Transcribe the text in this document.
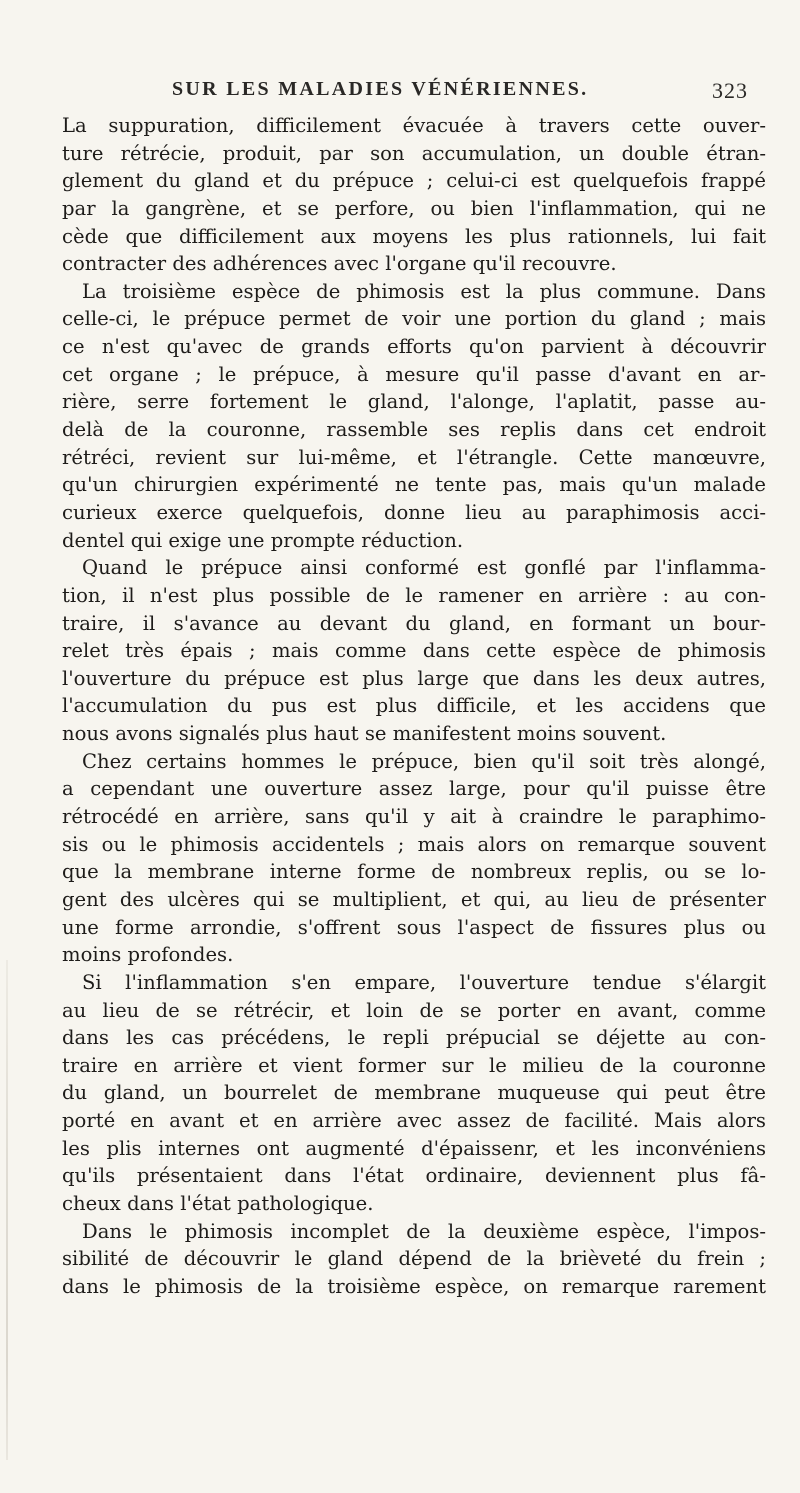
SUR LES MALADIES VÉNÉRIENNES.	323
La suppuration, difficilement évacuée à travers cette ouver-
ture rétrécie, produit, par son accumulation, un double étran-
glement du gland et du prépuce ; celui-ci est quelquefois frappé
par la gangrène, et se perfore, ou bien l'inflammation, qui ne
cède que difficilement aux moyens les plus rationnels, lui fait
contracter des adhérences avec l'organe qu'il recouvre.
La troisième espèce de phimosis est la plus commune. Dans
celle-ci, le prépuce permet de voir une portion du gland ; mais
ce n'est qu'avec de grands efforts qu'on parvient à découvrir
cet organe ; le prépuce, à mesure qu'il passe d'avant en ar-
rière, serre fortement le gland, l'alonge, l'aplatit, passe au-
delà de la couronne, rassemble ses replis dans cet endroit
rétréci, revient sur lui-même, et l'étrangle. Cette manœuvre,
qu'un chirurgien expérimenté ne tente pas, mais qu'un malade
curieux exerce quelquefois, donne lieu au paraphimosis acci-
dentel qui exige une prompte réduction.
Quand le prépuce ainsi conformé est gonflé par l'inflamma-
tion, il n'est plus possible de le ramener en arrière : au con-
traire, il s'avance au devant du gland, en formant un bour-
relet très épais ; mais comme dans cette espèce de phimosis
l'ouverture du prépuce est plus large que dans les deux autres,
l'accumulation du pus est plus difficile, et les accidens que
nous avons signalés plus haut se manifestent moins souvent.
Chez certains hommes le prépuce, bien qu'il soit très alongé,
a cependant une ouverture assez large, pour qu'il puisse être
rétrocédé en arrière, sans qu'il y ait à craindre le paraphimo-
sis ou le phimosis accidentels ; mais alors on remarque souvent
que la membrane interne forme de nombreux replis, ou se lo-
gent des ulcères qui se multiplient, et qui, au lieu de présenter
une forme arrondie, s'offrent sous l'aspect de fissures plus ou
moins profondes.
Si l'inflammation s'en empare, l'ouverture tendue s'élargit
au lieu de se rétrécir, et loin de se porter en avant, comme
dans les cas précédens, le repli prépucial se déjette au con-
traire en arrière et vient former sur le milieu de la couronne
du gland, un bourrelet de membrane muqueuse qui peut être
porté en avant et en arrière avec assez de facilité. Mais alors
les plis internes ont augmenté d'épaissenr, et les inconvéniens
qu'ils présentaient dans l'état ordinaire, deviennent plus fâ-
cheux dans l'état pathologique.
Dans le phimosis incomplet de la deuxième espèce, l'impos-
sibilité de découvrir le gland dépend de la brièveté du frein ;
dans le phimosis de la troisième espèce, on remarque rarement
